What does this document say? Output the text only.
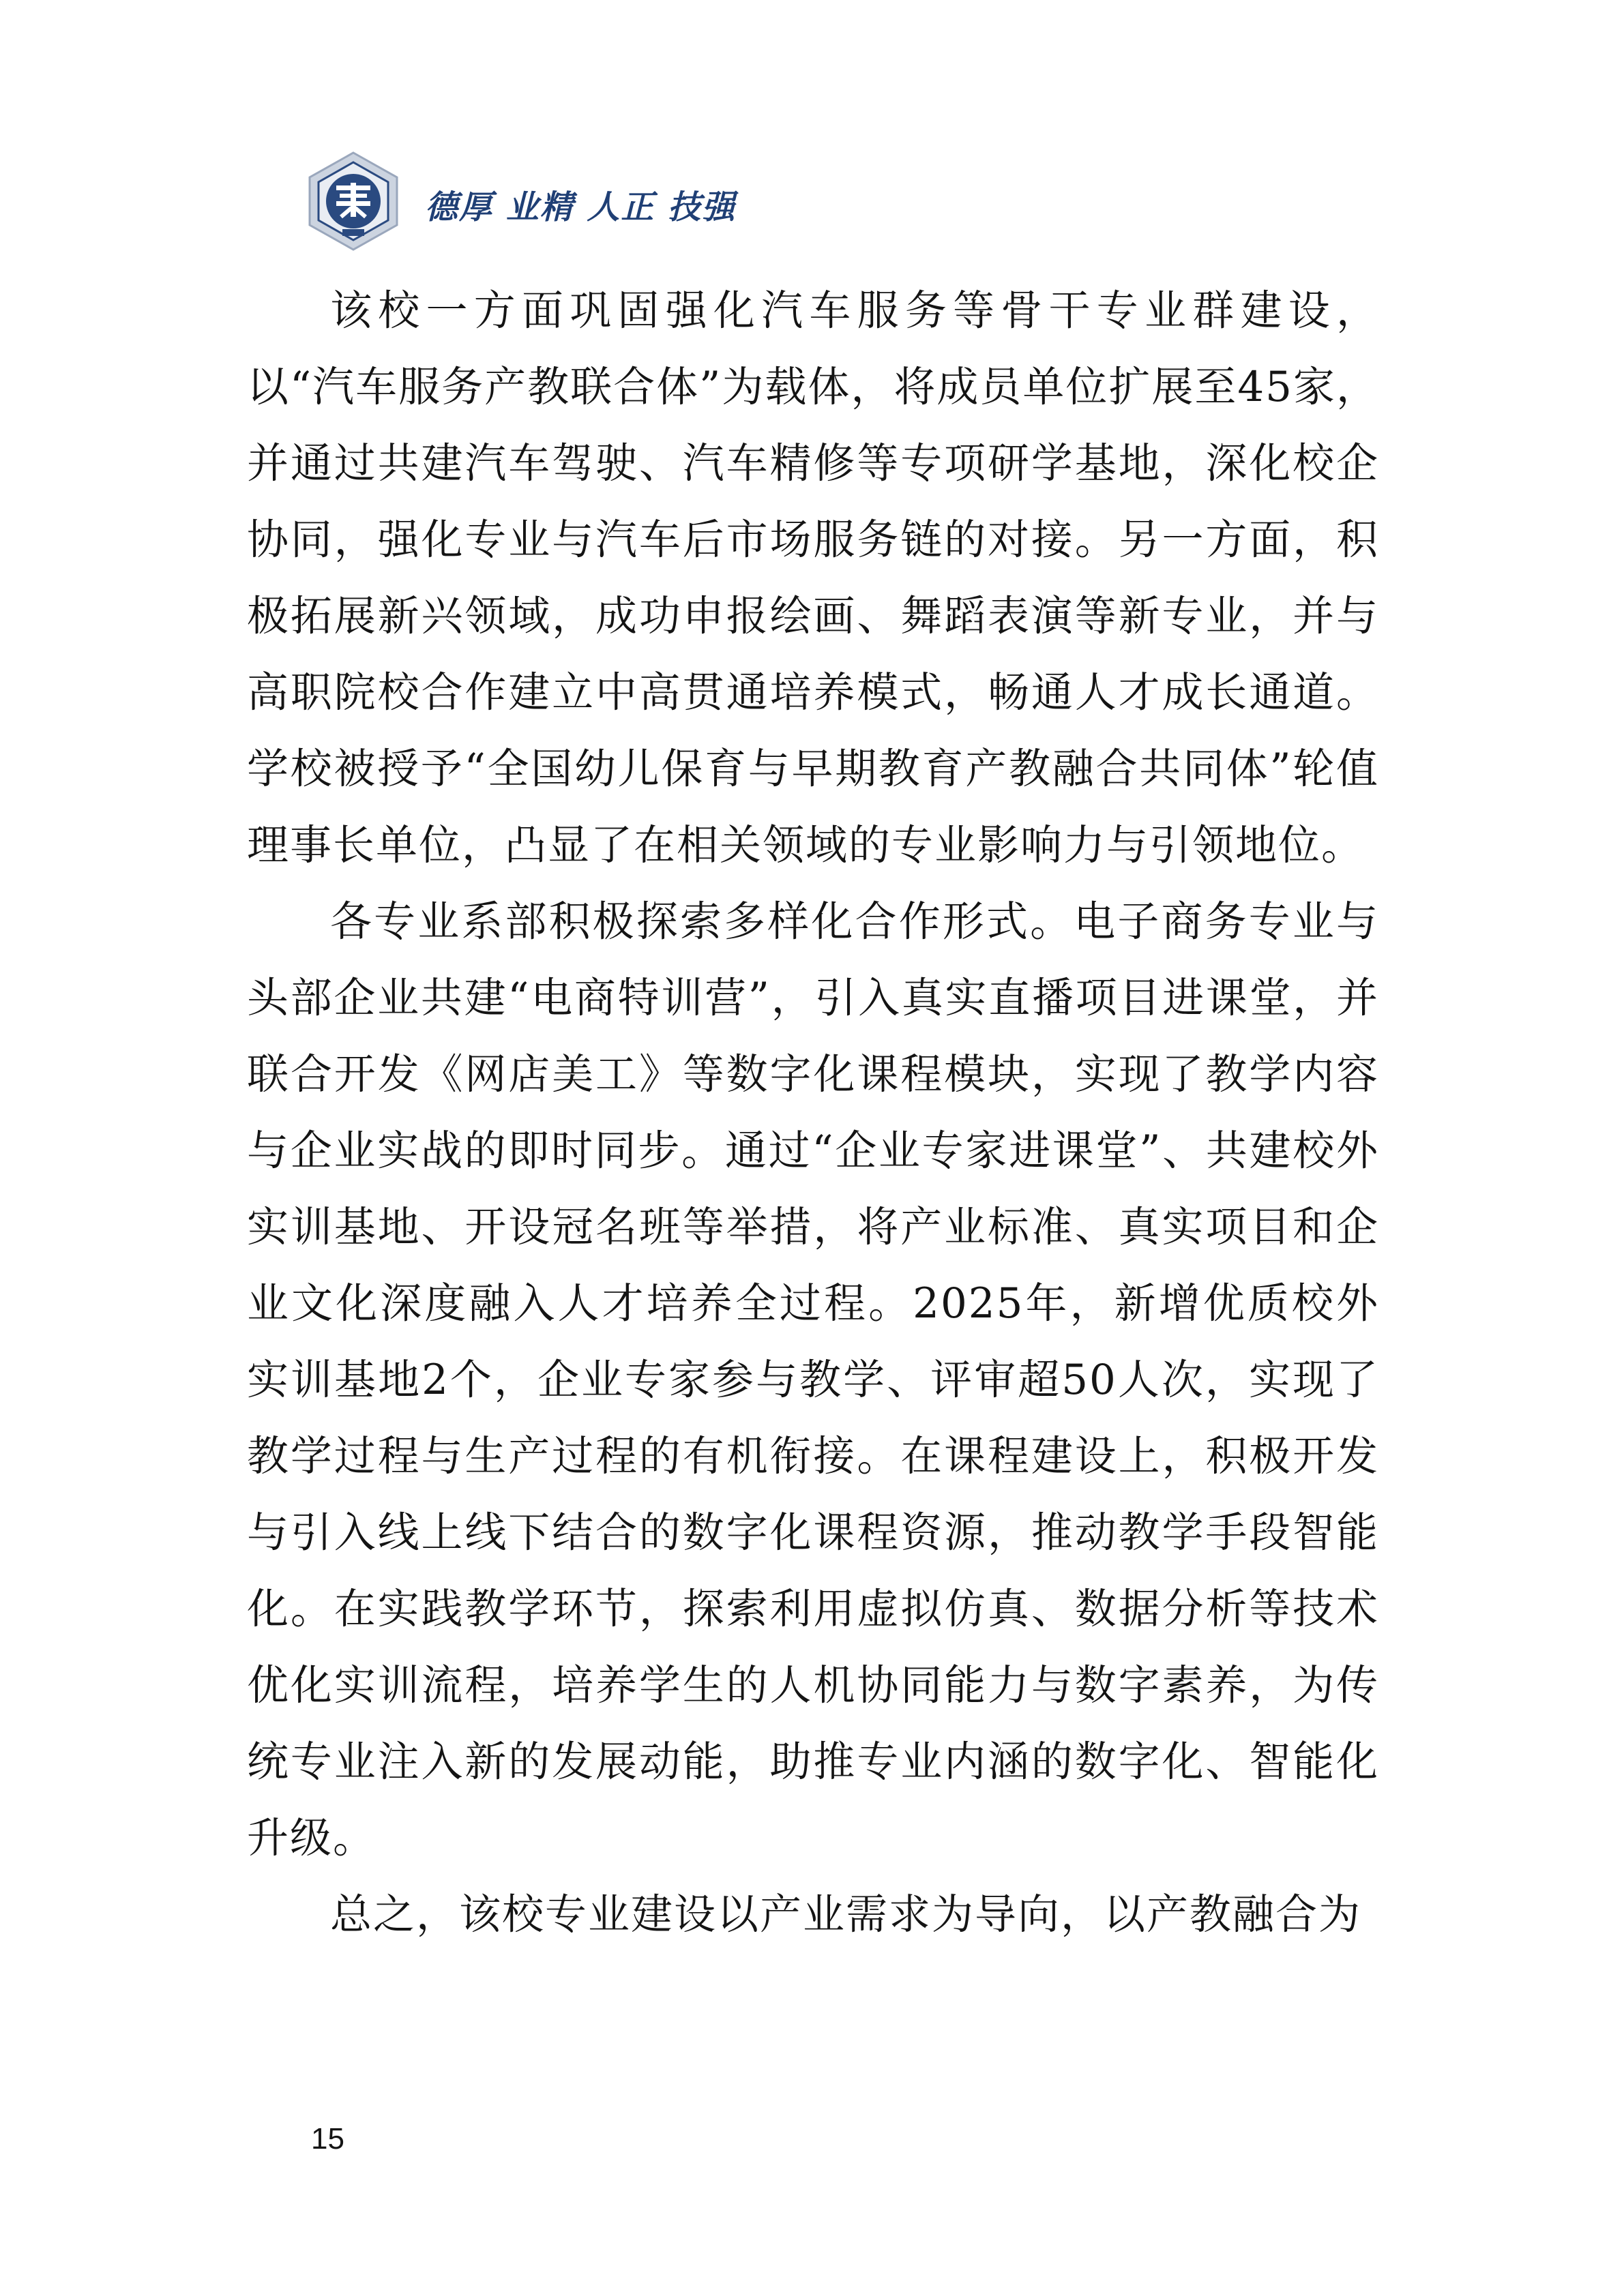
德厚 业精 人正 技强

该校一方面巩固强化汽车服务等骨干专业群建设，以“汽车服务产教联合体”为载体，将成员单位扩展至45家，并通过共建汽车驾驶、汽车精修等专项研学基地，深化校企协同，强化专业与汽车后市场服务链的对接。另一方面，积极拓展新兴领域，成功申报绘画、舞蹈表演等新专业，并与高职院校合作建立中高贯通培养模式，畅通人才成长通道。学校被授予“全国幼儿保育与早期教育产教融合共同体”轮值理事长单位，凸显了在相关领域的专业影响力与引领地位。

各专业系部积极探索多样化合作形式。电子商务专业与头部企业共建“电商特训营”，引入真实直播项目进课堂，并联合开发《网店美工》等数字化课程模块，实现了教学内容与企业实战的即时同步。通过“企业专家进课堂”、共建校外实训基地、开设冠名班等举措，将产业标准、真实项目和企业文化深度融入人才培养全过程。2025年，新增优质校外实训基地2个，企业专家参与教学、评审超50人次，实现了教学过程与生产过程的有机衔接。在课程建设上，积极开发与引入线上线下结合的数字化课程资源，推动教学手段智能化。在实践教学环节，探索利用虚拟仿真、数据分析等技术优化实训流程，培养学生的人机协同能力与数字素养，为传统专业注入新的发展动能，助推专业内涵的数字化、智能化升级。

总之，该校专业建设以产业需求为导向，以产教融合为

15
